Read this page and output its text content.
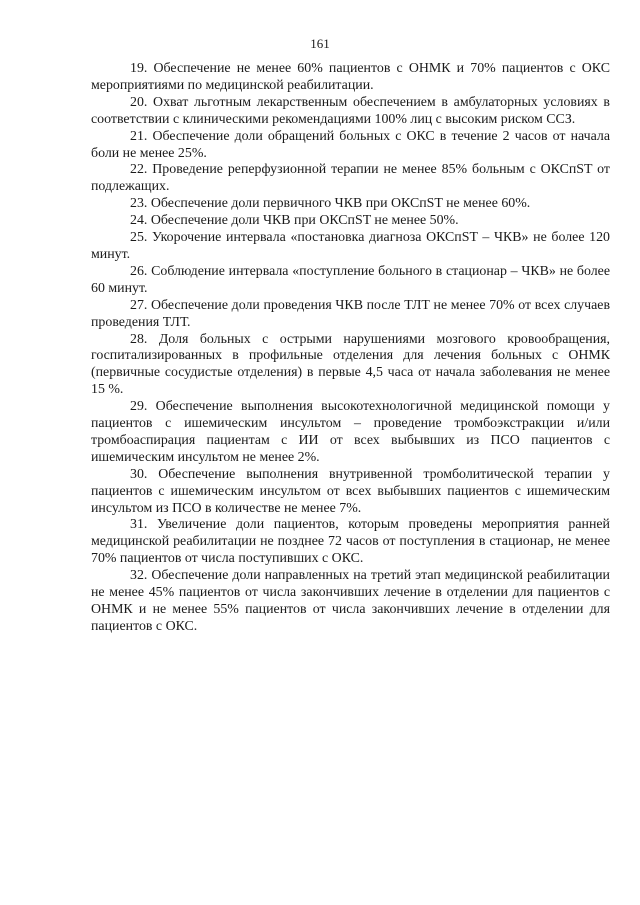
161

19. Обеспечение не менее 60% пациентов с ОНМК и 70% пациентов с ОКС мероприятиями по медицинской реабилитации.

20. Охват льготным лекарственным обеспечением в амбулаторных условиях в соответствии с клиническими рекомендациями 100% лиц с высоким риском ССЗ.

21. Обеспечение доли обращений больных с ОКС в течение 2 часов от начала боли не менее 25%.

22. Проведение реперфузионной терапии не менее 85% больным с ОКСпST от подлежащих.

23. Обеспечение доли первичного ЧКВ при ОКСпST не менее 60%.

24. Обеспечение доли ЧКВ при ОКСпST не менее 50%.

25. Укорочение интервала «постановка диагноза ОКСпST – ЧКВ» не более 120 минут.

26. Соблюдение интервала «поступление больного в стационар – ЧКВ» не более 60 минут.

27. Обеспечение доли проведения ЧКВ после ТЛТ не менее 70% от всех случаев проведения ТЛТ.

28. Доля больных с острыми нарушениями мозгового кровообращения, госпитализированных в профильные отделения для лечения больных с ОНМК (первичные сосудистые отделения) в первые 4,5 часа от начала заболевания не менее 15 %.

29. Обеспечение выполнения высокотехнологичной медицинской помощи у пациентов с ишемическим инсультом – проведение тромбоэкстракции и/или тромбоаспирация пациентам с ИИ от всех выбывших из ПСО пациентов с ишемическим инсультом не менее 2%.

30. Обеспечение выполнения внутривенной тромболитической терапии у пациентов с ишемическим инсультом от всех выбывших пациентов с ишемическим инсультом из ПСО в количестве не менее 7%.

31. Увеличение доли пациентов, которым проведены мероприятия ранней медицинской реабилитации не позднее 72 часов от поступления в стационар, не менее 70% пациентов от числа поступивших с ОКС.

32. Обеспечение доли направленных на третий этап медицинской реабилитации не менее 45% пациентов от числа закончивших лечение в отделении для пациентов с ОНМК и не менее 55% пациентов от числа закончивших лечение в отделении для пациентов с ОКС.
